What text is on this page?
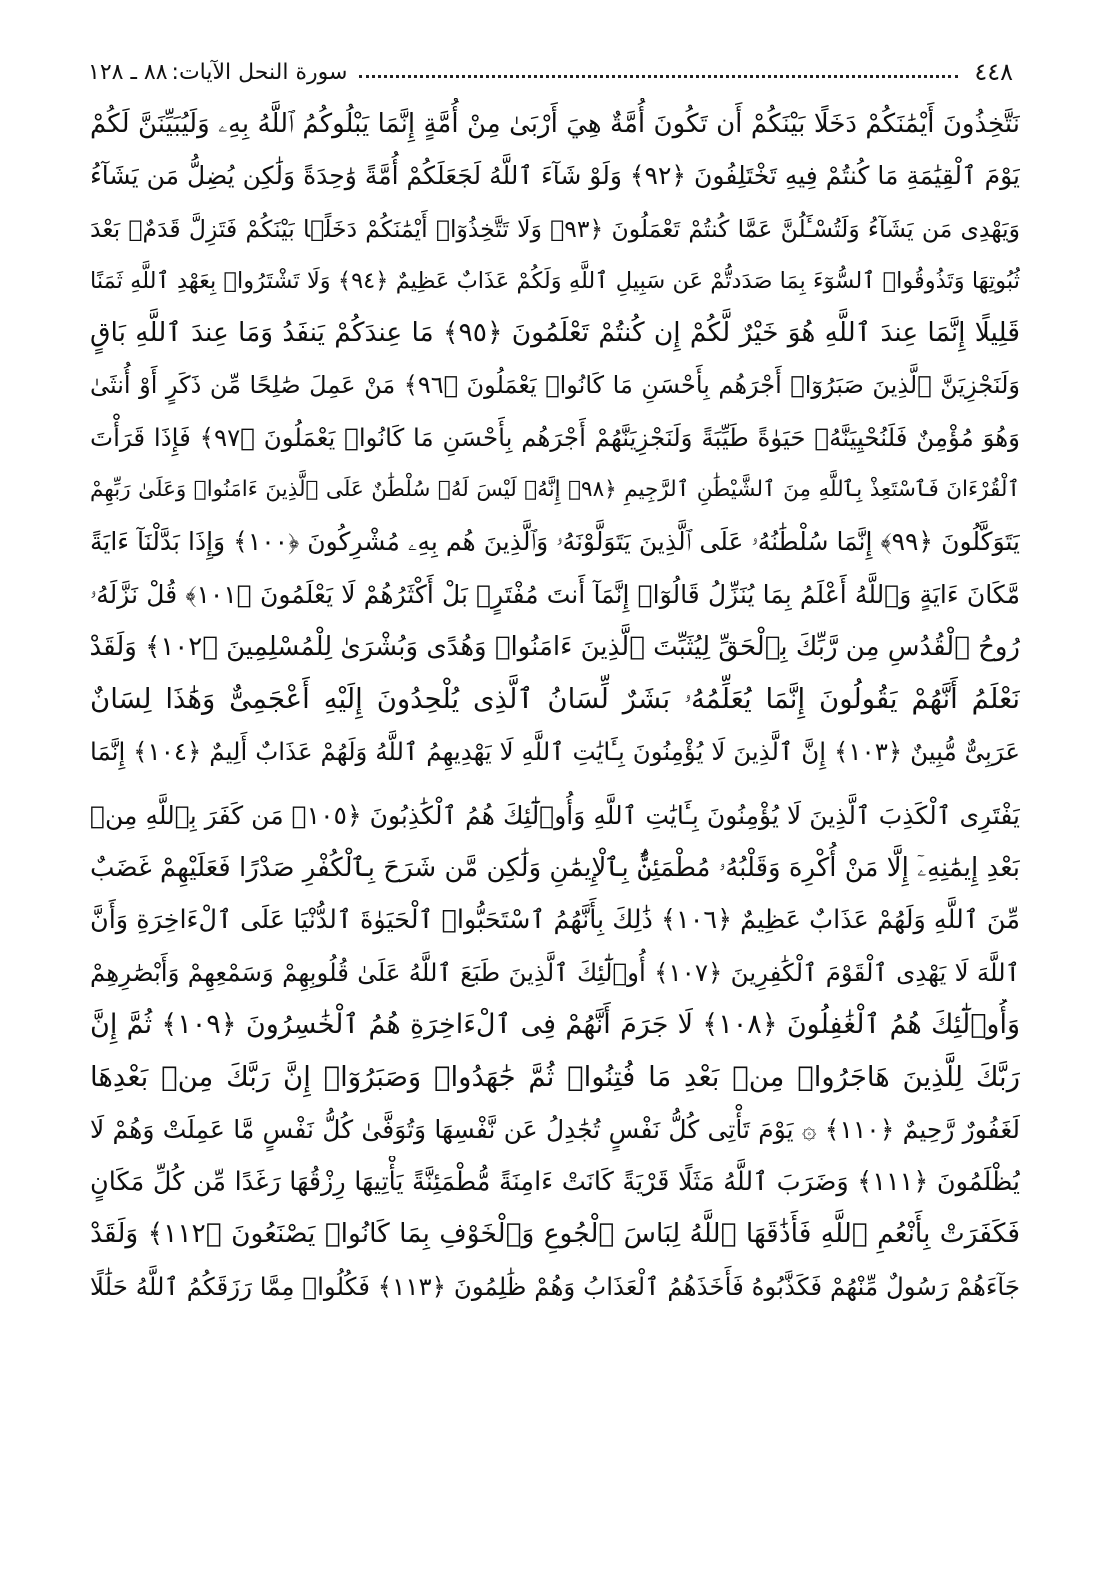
٤٤٨
سورة النحل الآيات:
٨٨ ـ ١٢٨
نَتَّخِذُونَ أَيْمَٰنَكُمْ دَخَلًا بَيْنَكُمْ أَن تَكُونَ أُمَّةٌ هِيَ أَرْبَىٰ مِنْ أُمَّةٍ إِنَّمَا يَبْلُوكُمُ ٱللَّهُ بِهِۦ وَلَيُبَيِّنَنَّ لَكُمْ
يَوْمَ ٱلْقِيَٰمَةِ مَا كُنتُمْ فِيهِ تَخْتَلِفُونَ ﴿٩٢﴾ وَلَوْ شَآءَ ٱللَّهُ لَجَعَلَكُمْ أُمَّةً وَٰحِدَةً وَلَٰكِن يُضِلُّ مَن يَشَآءُ
وَيَهْدِى مَن يَشَآءُ وَلَتُسْـَٔلُنَّ عَمَّا كُنتُمْ تَعْمَلُونَ ﴿٩٣﴾ وَلَا تَتَّخِذُوٓا۟ أَيْمَٰنَكُمْ دَخَلًۢا بَيْنَكُمْ فَتَزِلَّ قَدَمٌۢ بَعْدَ
ثُبُوتِهَا وَتَذُوقُوا۟ ٱلسُّوٓءَ بِمَا صَدَدتُّمْ عَن سَبِيلِ ٱللَّهِ وَلَكُمْ عَذَابٌ عَظِيمٌ ﴿٩٤﴾ وَلَا تَشْتَرُوا۟ بِعَهْدِ ٱللَّهِ ثَمَنًا
قَلِيلًا إِنَّمَا عِندَ ٱللَّهِ هُوَ خَيْرٌ لَّكُمْ إِن كُنتُمْ تَعْلَمُونَ ﴿٩٥﴾ مَا عِندَكُمْ يَنفَدُ وَمَا عِندَ ٱللَّهِ بَاقٍ
وَلَنَجْزِيَنَّ ٱلَّذِينَ صَبَرُوٓا۟ أَجْرَهُم بِأَحْسَنِ مَا كَانُوا۟ يَعْمَلُونَ ﴿٩٦﴾ مَنْ عَمِلَ صَٰلِحًا مِّن ذَكَرٍ أَوْ أُنثَىٰ
وَهُوَ مُؤْمِنٌ فَلَنُحْيِيَنَّهُۥ حَيَوٰةً طَيِّبَةً وَلَنَجْزِيَنَّهُمْ أَجْرَهُم بِأَحْسَنِ مَا كَانُوا۟ يَعْمَلُونَ ﴿٩٧﴾ فَإِذَا قَرَأْتَ
ٱلْقُرْءَانَ فَٱسْتَعِذْ بِٱللَّهِ مِنَ ٱلشَّيْطَٰنِ ٱلرَّجِيمِ ﴿٩٨﴾ إِنَّهُۥ لَيْسَ لَهُۥ سُلْطَٰنٌ عَلَى ٱلَّذِينَ ءَامَنُوا۟ وَعَلَىٰ رَبِّهِمْ
يَتَوَكَّلُونَ ﴿٩٩﴾ إِنَّمَا سُلْطَٰنُهُۥ عَلَى ٱلَّذِينَ يَتَوَلَّوْنَهُۥ وَٱلَّذِينَ هُم بِهِۦ مُشْرِكُونَ ﴿١٠٠﴾ وَإِذَا بَدَّلْنَآ ءَايَةً
مَّكَانَ ءَايَةٍ وَٱللَّهُ أَعْلَمُ بِمَا يُنَزِّلُ قَالُوٓا۟ إِنَّمَآ أَنتَ مُفْتَرٍۭ بَلْ أَكْثَرُهُمْ لَا يَعْلَمُونَ ﴿١٠١﴾ قُلْ نَزَّلَهُۥ
رُوحُ ٱلْقُدُسِ مِن رَّبِّكَ بِٱلْحَقِّ لِيُثَبِّتَ ٱلَّذِينَ ءَامَنُوا۟ وَهُدًى وَبُشْرَىٰ لِلْمُسْلِمِينَ ﴿١٠٢﴾ وَلَقَدْ
نَعْلَمُ أَنَّهُمْ يَقُولُونَ إِنَّمَا يُعَلِّمُهُۥ بَشَرٌ لِّسَانُ ٱلَّذِى يُلْحِدُونَ إِلَيْهِ أَعْجَمِىٌّ وَهَٰذَا لِسَانٌ
عَرَبِىٌّ مُّبِينٌ ﴿١٠٣﴾ إِنَّ ٱلَّذِينَ لَا يُؤْمِنُونَ بِـَٔايَٰتِ ٱللَّهِ لَا يَهْدِيهِمُ ٱللَّهُ وَلَهُمْ عَذَابٌ أَلِيمٌ ﴿١٠٤﴾ إِنَّمَا
يَفْتَرِى ٱلْكَذِبَ ٱلَّذِينَ لَا يُؤْمِنُونَ بِـَٔايَٰتِ ٱللَّهِ وَأُو۟لَٰٓئِكَ هُمُ ٱلْكَٰذِبُونَ ﴿١٠٥﴾ مَن كَفَرَ بِٱللَّهِ مِنۢ
بَعْدِ إِيمَٰنِهِۦٓ إِلَّا مَنْ أُكْرِهَ وَقَلْبُهُۥ مُطْمَئِنٌّۢ بِٱلْإِيمَٰنِ وَلَٰكِن مَّن شَرَحَ بِٱلْكُفْرِ صَدْرًا فَعَلَيْهِمْ غَضَبٌ
مِّنَ ٱللَّهِ وَلَهُمْ عَذَابٌ عَظِيمٌ ﴿١٠٦﴾ ذَٰلِكَ بِأَنَّهُمُ ٱسْتَحَبُّوا۟ ٱلْحَيَوٰةَ ٱلدُّنْيَا عَلَى ٱلْءَاخِرَةِ وَأَنَّ
ٱللَّهَ لَا يَهْدِى ٱلْقَوْمَ ٱلْكَٰفِرِينَ ﴿١٠٧﴾ أُو۟لَٰٓئِكَ ٱلَّذِينَ طَبَعَ ٱللَّهُ عَلَىٰ قُلُوبِهِمْ وَسَمْعِهِمْ وَأَبْصَٰرِهِمْ
وَأُو۟لَٰٓئِكَ هُمُ ٱلْغَٰفِلُونَ ﴿١٠٨﴾ لَا جَرَمَ أَنَّهُمْ فِى ٱلْءَاخِرَةِ هُمُ ٱلْخَٰسِرُونَ ﴿١٠٩﴾ ثُمَّ إِنَّ
رَبَّكَ لِلَّذِينَ هَاجَرُوا۟ مِنۢ بَعْدِ مَا فُتِنُوا۟ ثُمَّ جَٰهَدُوا۟ وَصَبَرُوٓا۟ إِنَّ رَبَّكَ مِنۢ بَعْدِهَا
لَغَفُورٌ رَّحِيمٌ ﴿١١٠﴾ ۞ يَوْمَ تَأْتِى كُلُّ نَفْسٍ تُجَٰدِلُ عَن نَّفْسِهَا وَتُوَفَّىٰ كُلُّ نَفْسٍ مَّا عَمِلَتْ وَهُمْ لَا
يُظْلَمُونَ ﴿١١١﴾ وَضَرَبَ ٱللَّهُ مَثَلًا قَرْيَةً كَانَتْ ءَامِنَةً مُّطْمَئِنَّةً يَأْتِيهَا رِزْقُهَا رَغَدًا مِّن كُلِّ مَكَانٍ
فَكَفَرَتْ بِأَنْعُمِ ٱللَّهِ فَأَذَٰقَهَا ٱللَّهُ لِبَاسَ ٱلْجُوعِ وَٱلْخَوْفِ بِمَا كَانُوا۟ يَصْنَعُونَ ﴿١١٢﴾ وَلَقَدْ
جَآءَهُمْ رَسُولٌ مِّنْهُمْ فَكَذَّبُوهُ فَأَخَذَهُمُ ٱلْعَذَابُ وَهُمْ ظَٰلِمُونَ ﴿١١٣﴾ فَكُلُوا۟ مِمَّا رَزَقَكُمُ ٱللَّهُ حَلَٰلًا
